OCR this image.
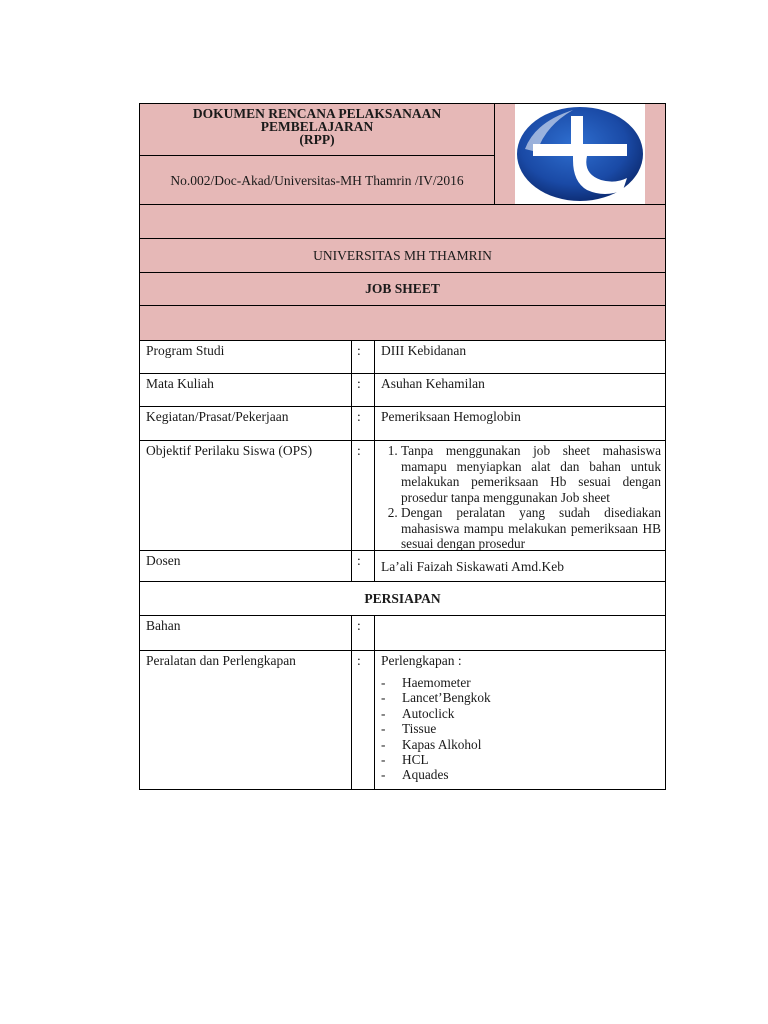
DOKUMEN RENCANA PELAKSANAAN
PEMBELAJARAN
(RPP)
No.002/Doc-Akad/Universitas-MH Thamrin /IV/2016
UNIVERSITAS MH THAMRIN
JOB SHEET
Program Studi	:	DIII Kebidanan
Mata Kuliah	:	Asuhan Kehamilan
Kegiatan/Prasat/Pekerjaan	:	Pemeriksaan Hemoglobin
Objektif Perilaku Siswa (OPS)	:
1.	Tanpa menggunakan job sheet mahasiswa mamapu menyiapkan alat dan bahan untuk melakukan pemeriksaan Hb sesuai dengan prosedur tanpa menggunakan Job sheet
2. Dengan peralatan yang sudah disediakan mahasiswa mampu melakukan pemeriksaan HB sesuai dengan prosedur
Dosen	:	La’ali Faizah Siskawati Amd.Keb
PERSIAPAN
Bahan	:
Peralatan dan Perlengkapan	:	Perlengkapan :
- Haemometer
- Lancet’Bengkok
- Autoclick
- Tissue
- Kapas Alkohol
- HCL
- Aquades
